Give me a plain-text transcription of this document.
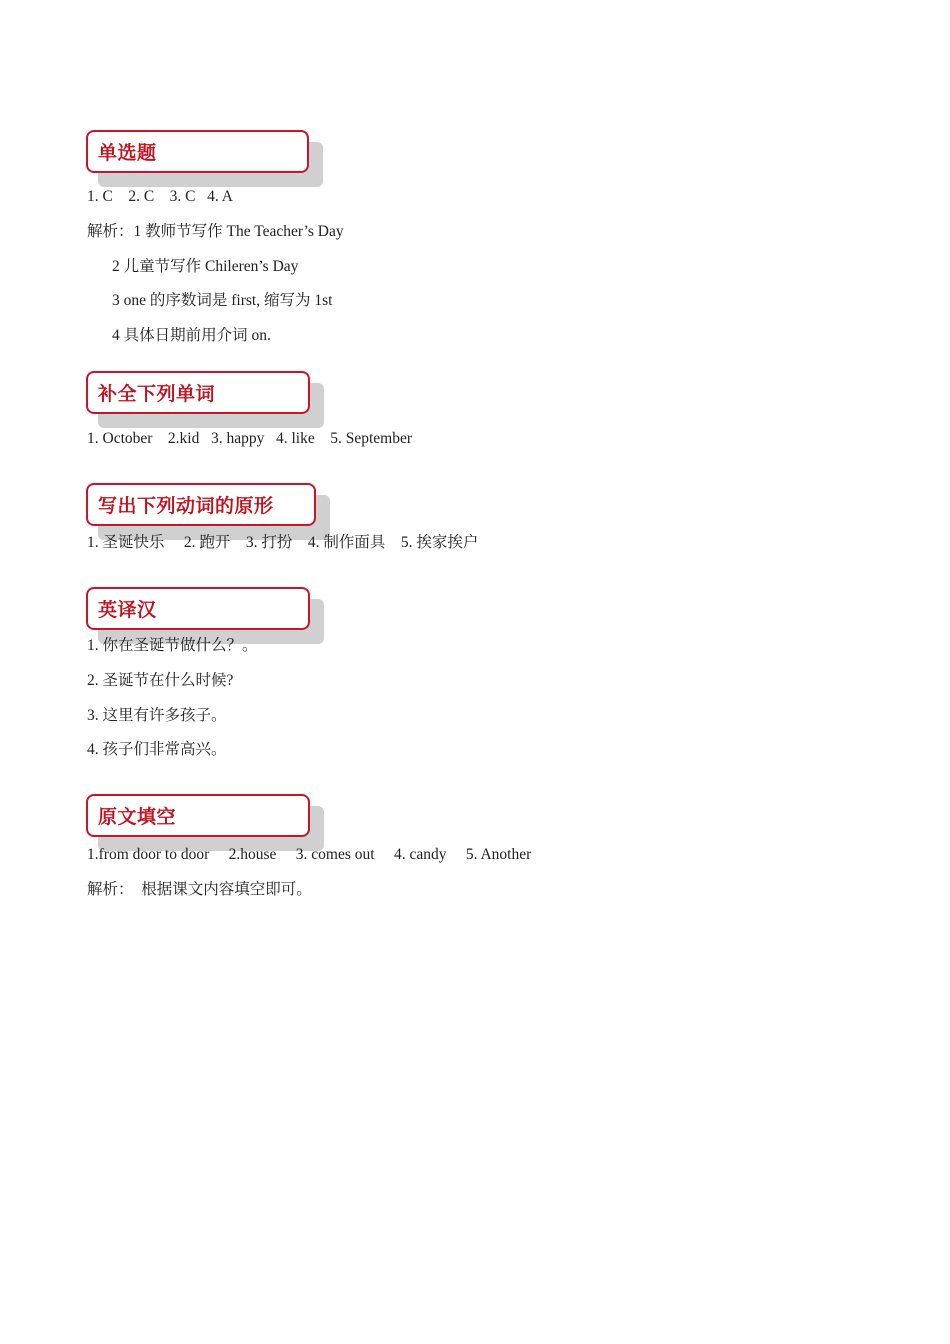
单选题
1. C    2. C    3. C   4. A
解析：1 教师节写作 The Teacher’s Day
2 儿童节写作 Chileren’s Day
3 one 的序数词是 first, 缩写为 1st
4 具体日期前用介词 on.
补全下列单词
1. October    2.kid   3. happy   4. like    5. September
写出下列动词的原形
1. 圣诞快乐     2. 跑开    3. 打扮    4. 制作面具    5. 挨家挨户
英译汉
1. 你在圣诞节做什么？。
2. 圣诞节在什么时候?
3. 这里有许多孩子。
4. 孩子们非常高兴。
原文填空
1.from door to door     2.house     3. comes out     4. candy     5. Another
解析：  根据课文内容填空即可。
